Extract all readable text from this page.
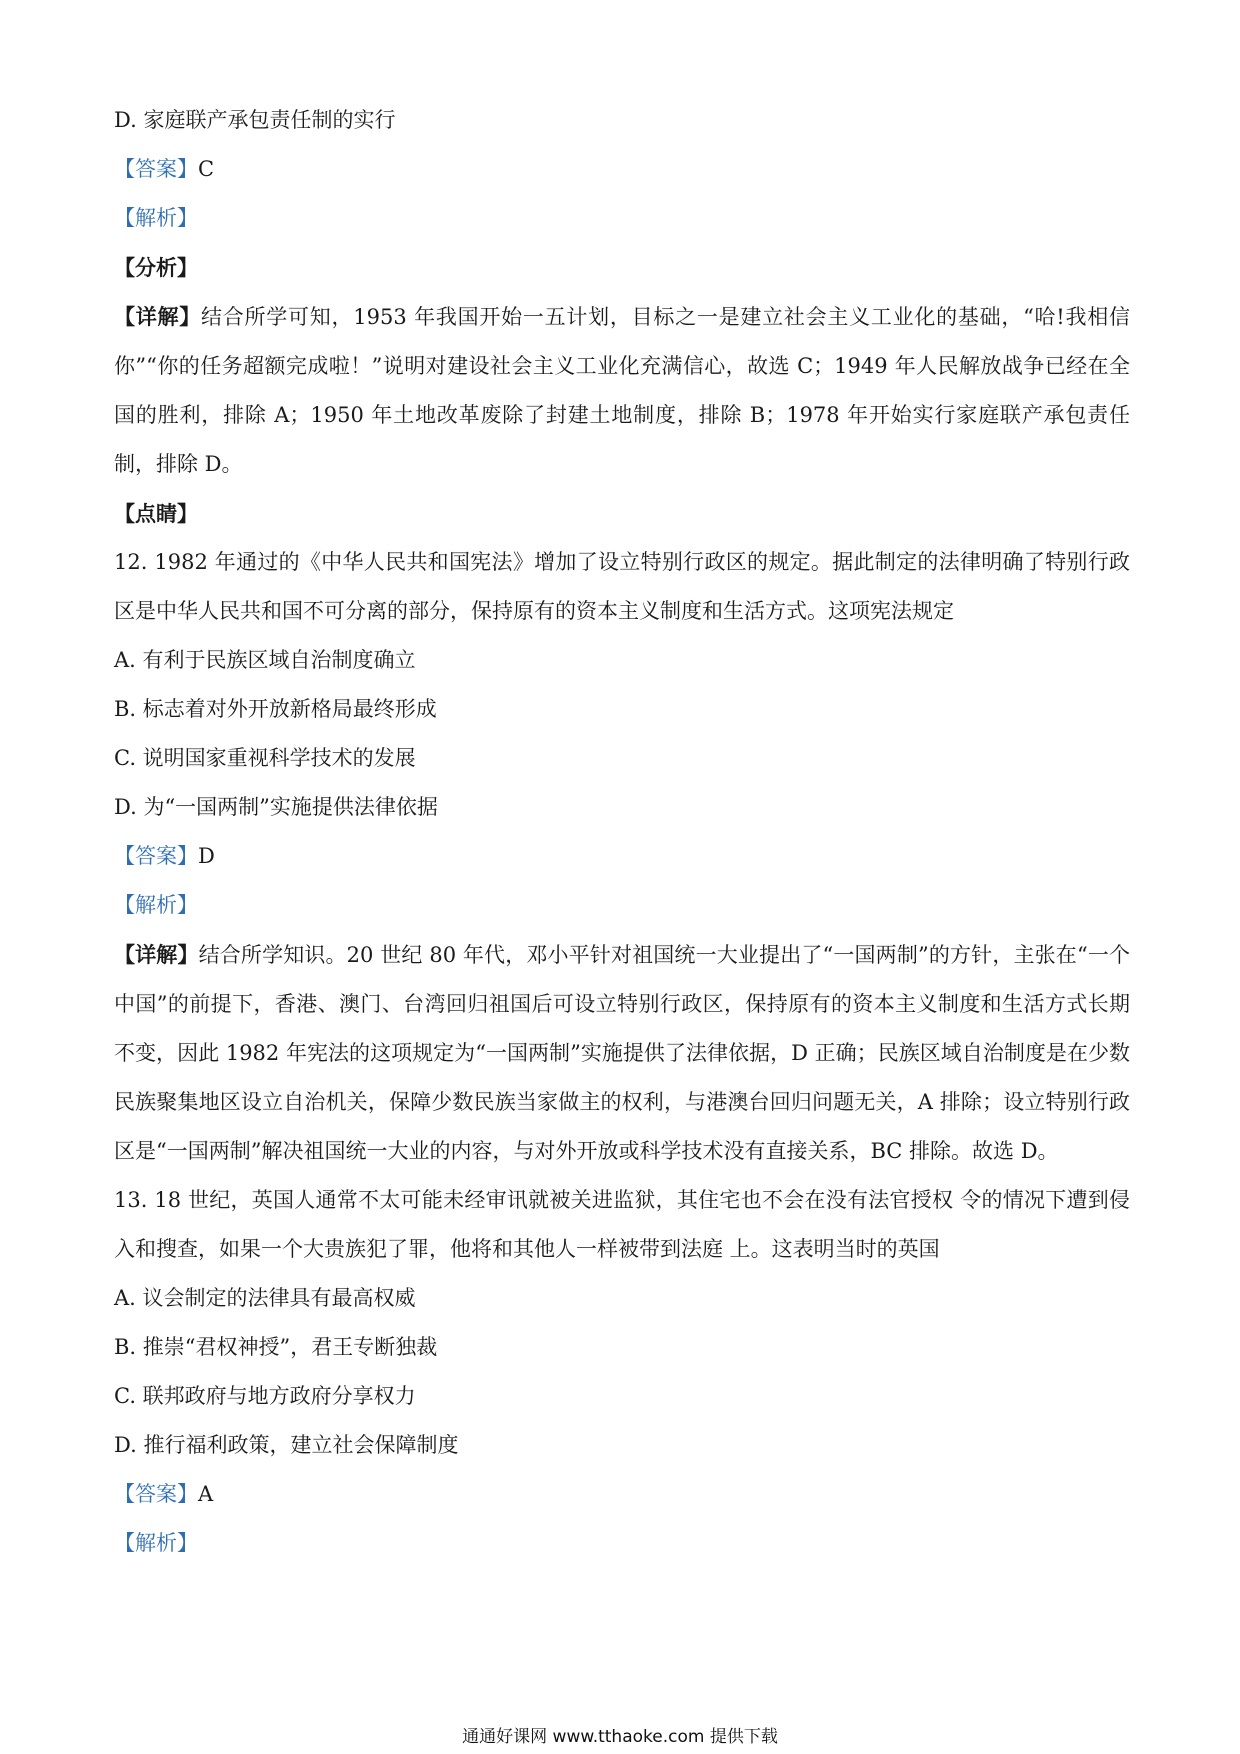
D. 家庭联产承包责任制的实行
【答案】C
【解析】
【分析】
【详解】结合所学可知，1953 年我国开始一五计划，目标之一是建立社会主义工业化的基础，“哈!我相信你”“你的任务超额完成啦！”说明对建设社会主义工业化充满信心，故选 C；1949 年人民解放战争已经在全国的胜利，排除 A；1950 年土地改革废除了封建土地制度，排除 B；1978 年开始实行家庭联产承包责任制，排除 D。
【点睛】
12. 1982 年通过的《中华人民共和国宪法》增加了设立特别行政区的规定。据此制定的法律明确了特别行政区是中华人民共和国不可分离的部分，保持原有的资本主义制度和生活方式。这项宪法规定
A. 有利于民族区域自治制度确立
B. 标志着对外开放新格局最终形成
C. 说明国家重视科学技术的发展
D. 为“一国两制”实施提供法律依据
【答案】D
【解析】
【详解】结合所学知识。20 世纪 80 年代，邓小平针对祖国统一大业提出了“一国两制”的方针，主张在“一个中国”的前提下，香港、澳门、台湾回归祖国后可设立特别行政区，保持原有的资本主义制度和生活方式长期不变，因此 1982 年宪法的这项规定为“一国两制”实施提供了法律依据，D 正确；民族区域自治制度是在少数民族聚集地区设立自治机关，保障少数民族当家做主的权利，与港澳台回归问题无关，A 排除；设立特别行政区是“一国两制”解决祖国统一大业的内容，与对外开放或科学技术没有直接关系，BC 排除。故选 D。
13. 18 世纪，英国人通常不太可能未经审讯就被关进监狱，其住宅也不会在没有法官授权 令的情况下遭到侵入和搜查，如果一个大贵族犯了罪，他将和其他人一样被带到法庭 上。这表明当时的英国
A. 议会制定的法律具有最高权威
B. 推崇“君权神授”，君王专断独裁
C. 联邦政府与地方政府分享权力
D. 推行福利政策，建立社会保障制度
【答案】A
【解析】
通通好课网 www.tthaoke.com 提供下载
